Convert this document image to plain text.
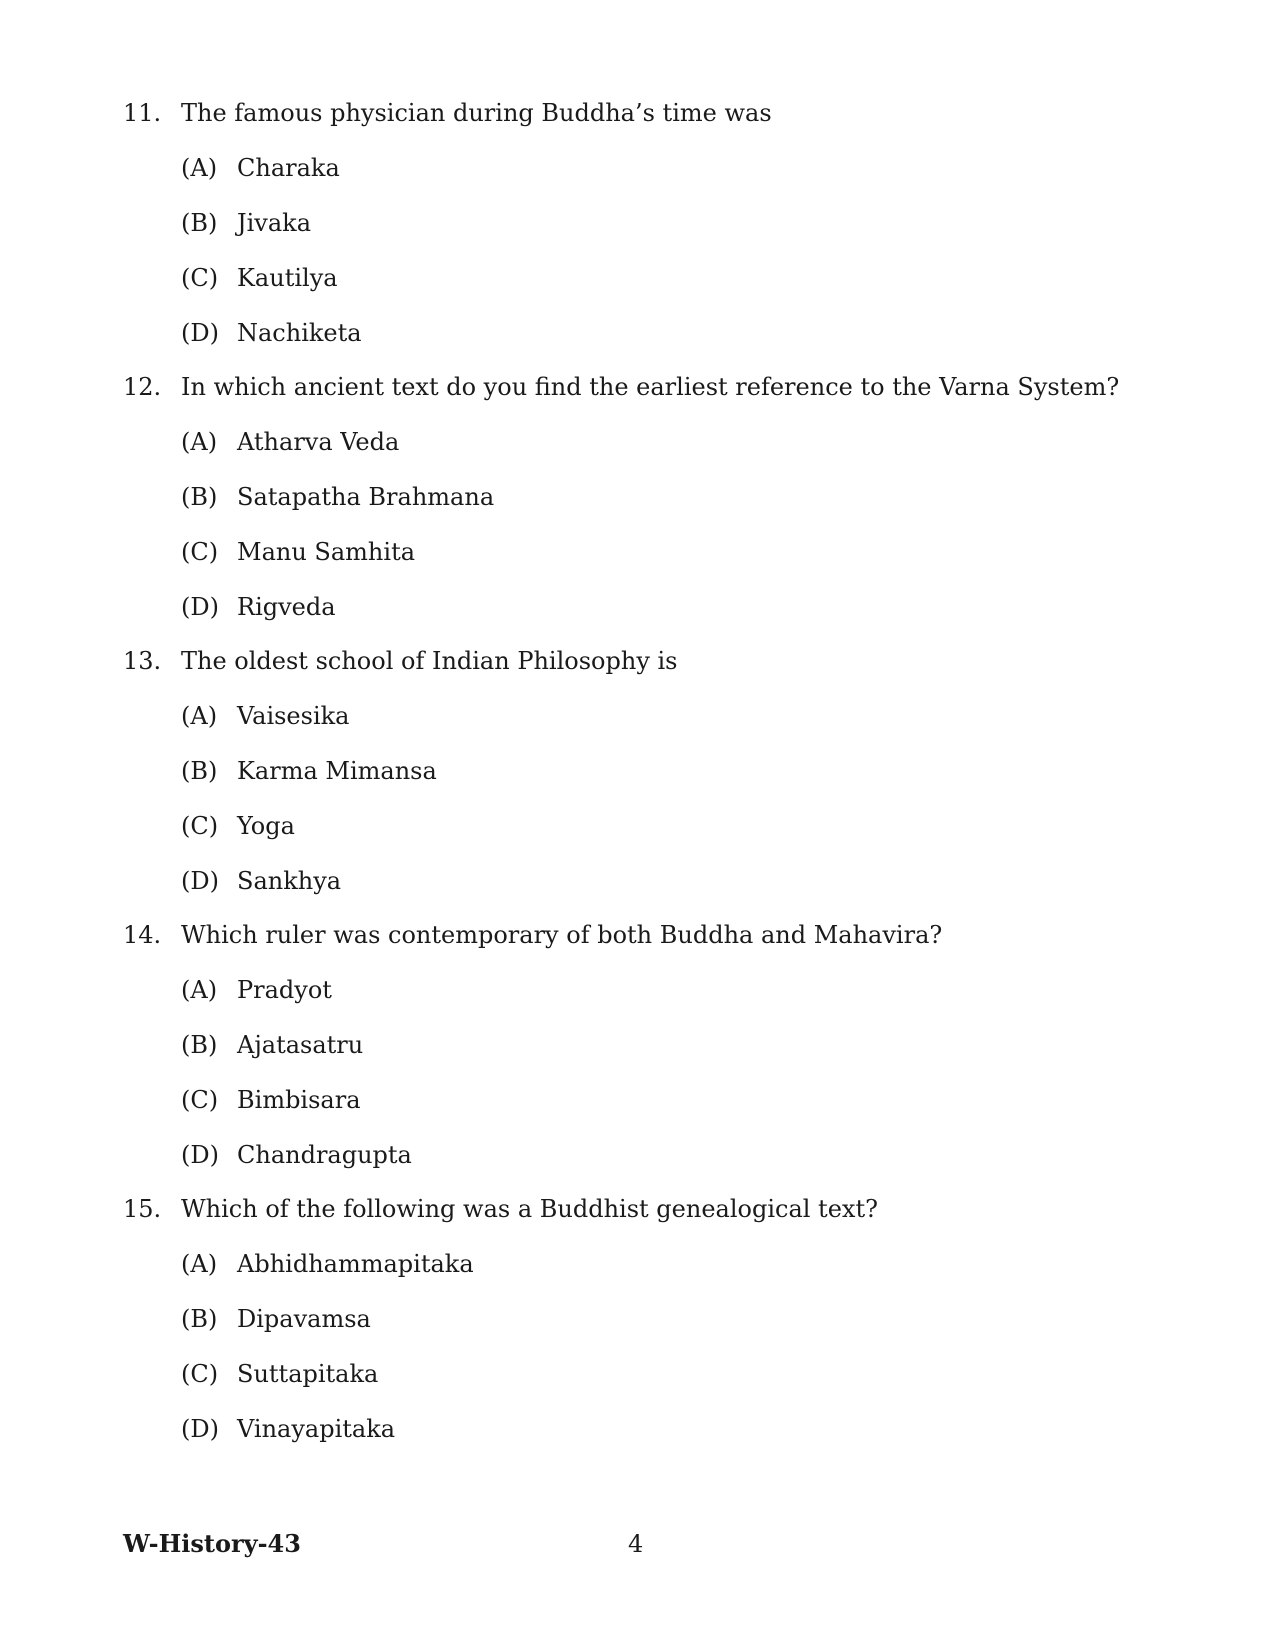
11. The famous physician during Buddha’s time was
(A) Charaka
(B) Jivaka
(C) Kautilya
(D) Nachiketa
12. In which ancient text do you find the earliest reference to the Varna System?
(A) Atharva Veda
(B) Satapatha Brahmana
(C) Manu Samhita
(D) Rigveda
13. The oldest school of Indian Philosophy is
(A) Vaisesika
(B) Karma Mimansa
(C) Yoga
(D) Sankhya
14. Which ruler was contemporary of both Buddha and Mahavira?
(A) Pradyot
(B) Ajatasatru
(C) Bimbisara
(D) Chandragupta
15. Which of the following was a Buddhist genealogical text?
(A) Abhidhammapitaka
(B) Dipavamsa
(C) Suttapitaka
(D) Vinayapitaka
W-History-43	4
